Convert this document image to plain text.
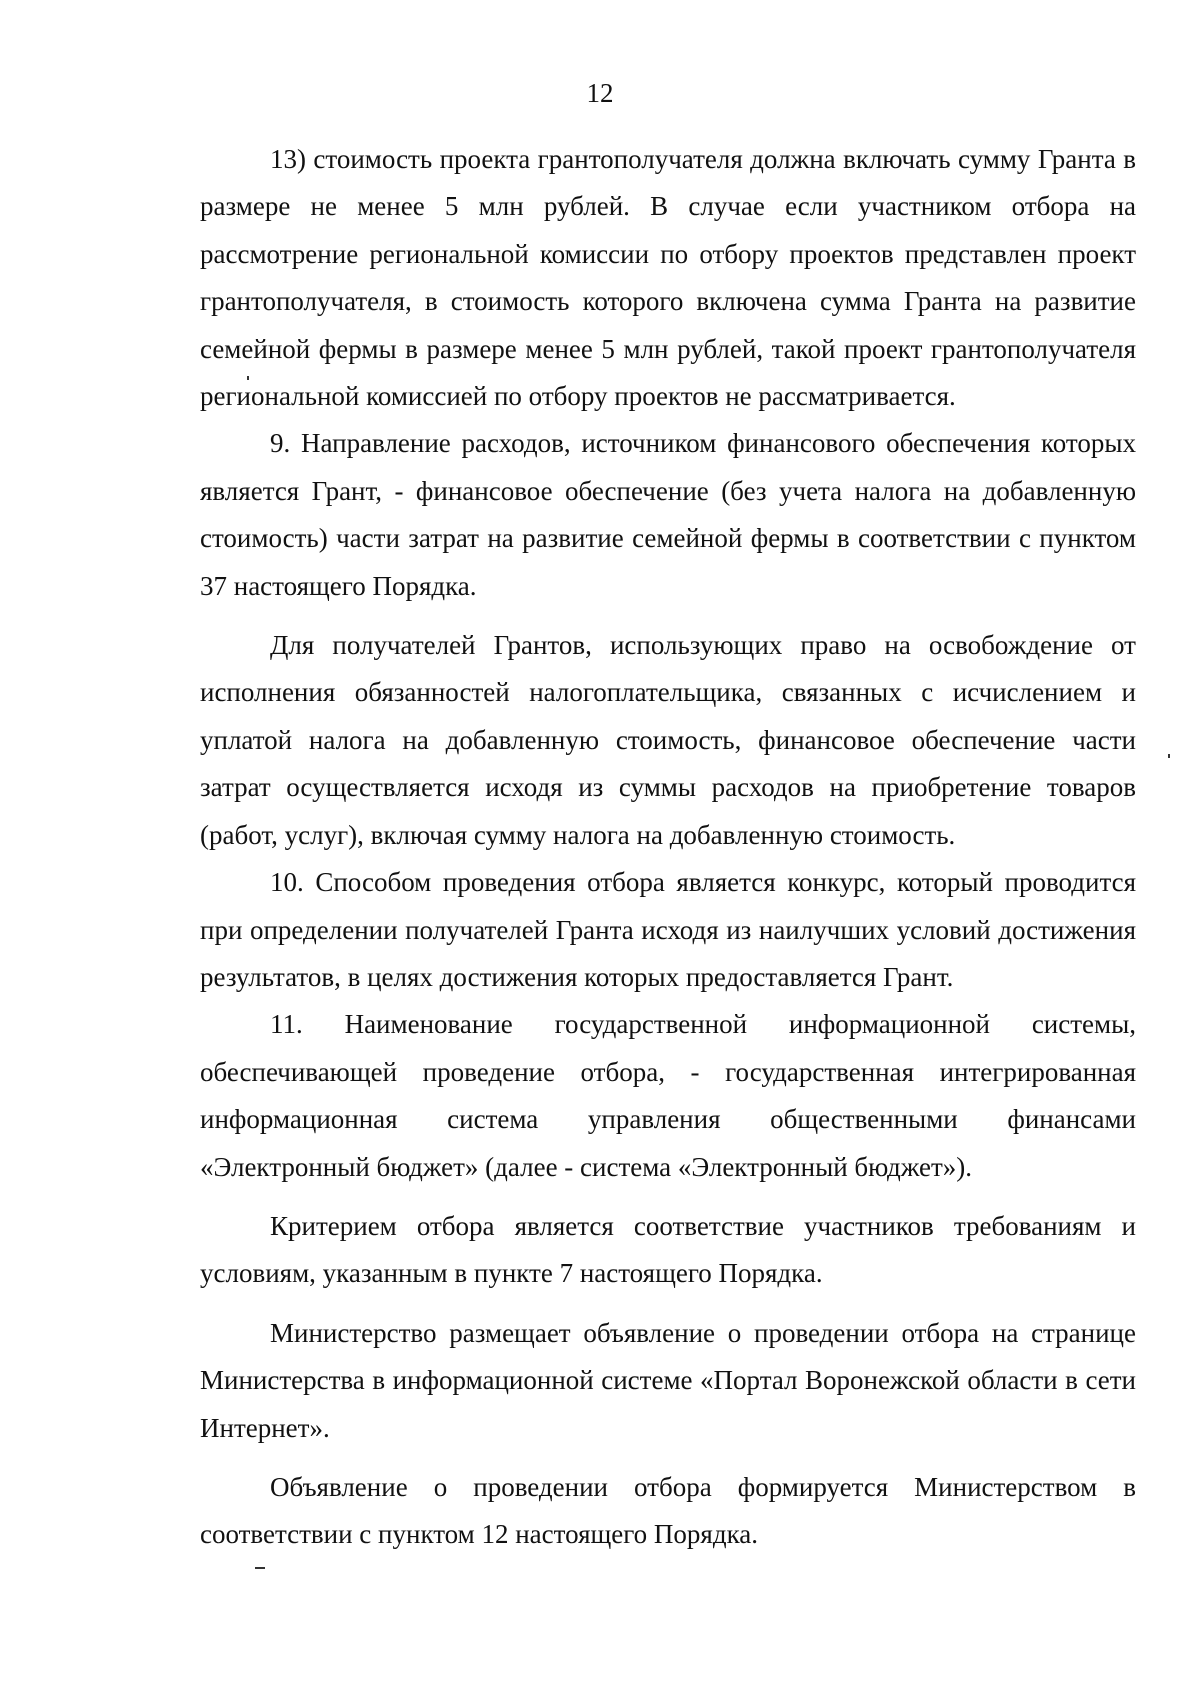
12

13) стоимость проекта грантополучателя должна включать сумму Гранта в размере не менее 5 млн рублей. В случае если участником отбора на рассмотрение региональной комиссии по отбору проектов представлен проект грантополучателя, в стоимость которого включена сумма Гранта на развитие семейной фермы в размере менее 5 млн рублей, такой проект грантополучателя региональной комиссией по отбору проектов не рассматривается.

9. Направление расходов, источником финансового обеспечения которых является Грант, - финансовое обеспечение (без учета налога на добавленную стоимость) части затрат на развитие семейной фермы в соответствии с пунктом 37 настоящего Порядка.

Для получателей Грантов, использующих право на освобождение от исполнения обязанностей налогоплательщика, связанных с исчислением и уплатой налога на добавленную стоимость, финансовое обеспечение части затрат осуществляется исходя из суммы расходов на приобретение товаров (работ, услуг), включая сумму налога на добавленную стоимость.

10. Способом проведения отбора является конкурс, который проводится при определении получателей Гранта исходя из наилучших условий достижения результатов, в целях достижения которых предоставляется Грант.

11. Наименование государственной информационной системы, обеспечивающей проведение отбора, - государственная интегрированная информационная система управления общественными финансами «Электронный бюджет» (далее - система «Электронный бюджет»).

Критерием отбора является соответствие участников требованиям и условиям, указанным в пункте 7 настоящего Порядка.

Министерство размещает объявление о проведении отбора на странице Министерства в информационной системе «Портал Воронежской области в сети Интернет».

Объявление о проведении отбора формируется Министерством в соответствии с пунктом 12 настоящего Порядка.
